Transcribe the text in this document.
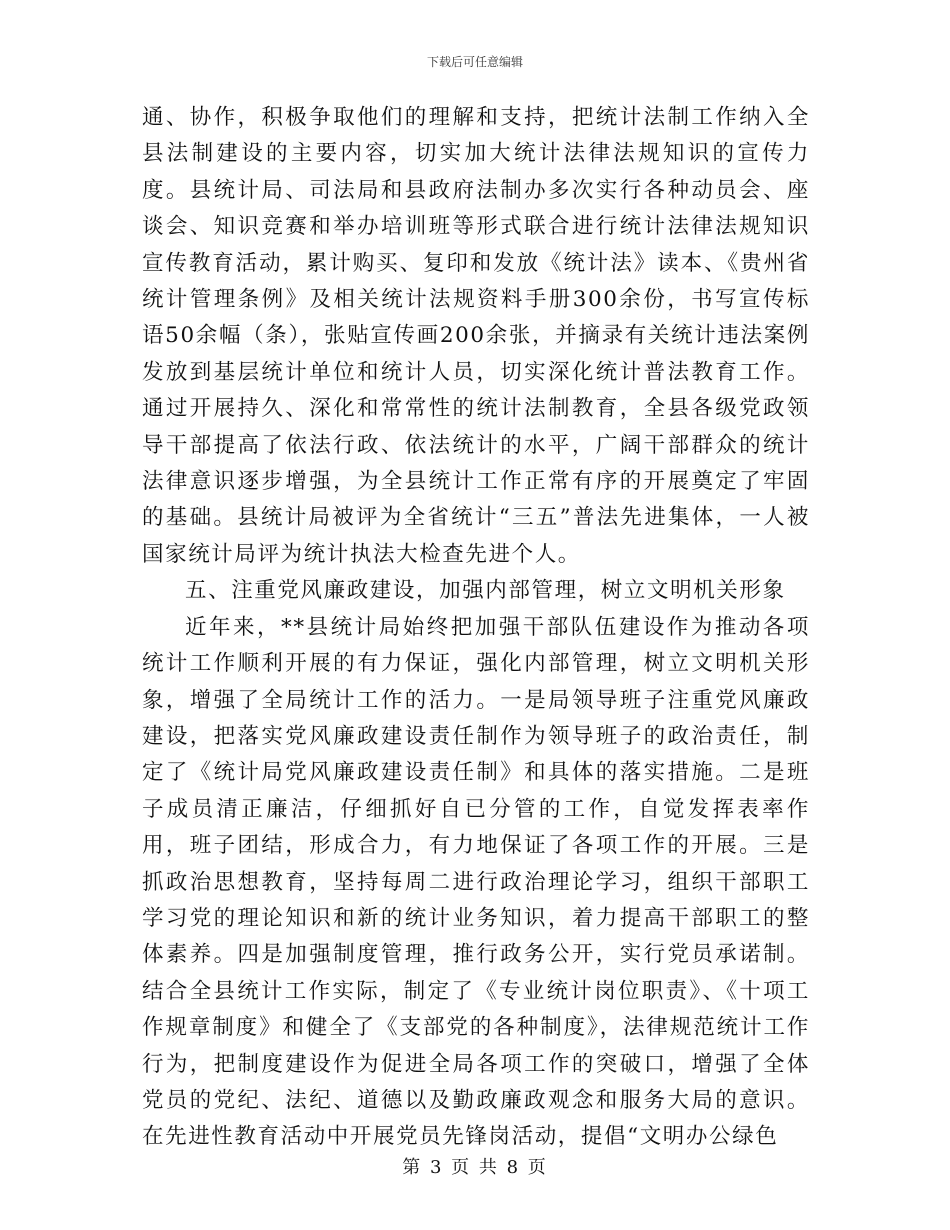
下载后可任意编辑

通、协作，积极争取他们的理解和支持，把统计法制工作纳入全县法制建设的主要内容，切实加大统计法律法规知识的宣传力度。县统计局、司法局和县政府法制办多次实行各种动员会、座谈会、知识竞赛和举办培训班等形式联合进行统计法律法规知识宣传教育活动，累计购买、复印和发放《统计法》读本、《贵州省统计管理条例》及相关统计法规资料手册300余份，书写宣传标语50余幅（条），张贴宣传画200余张，并摘录有关统计违法案例发放到基层统计单位和统计人员，切实深化统计普法教育工作。通过开展持久、深化和常常性的统计法制教育，全县各级党政领导干部提高了依法行政、依法统计的水平，广阔干部群众的统计法律意识逐步增强，为全县统计工作正常有序的开展奠定了牢固的基础。县统计局被评为全省统计“三五”普法先进集体，一人被国家统计局评为统计执法大检查先进个人。

五、注重党风廉政建设，加强内部管理，树立文明机关形象

近年来，**县统计局始终把加强干部队伍建设作为推动各项统计工作顺利开展的有力保证，强化内部管理，树立文明机关形象，增强了全局统计工作的活力。一是局领导班子注重党风廉政建设，把落实党风廉政建设责任制作为领导班子的政治责任，制定了《统计局党风廉政建设责任制》和具体的落实措施。二是班子成员清正廉洁，仔细抓好自已分管的工作，自觉发挥表率作用，班子团结，形成合力，有力地保证了各项工作的开展。三是抓政治思想教育，坚持每周二进行政治理论学习，组织干部职工学习党的理论知识和新的统计业务知识，着力提高干部职工的整体素养。四是加强制度管理，推行政务公开，实行党员承诺制。结合全县统计工作实际，制定了《专业统计岗位职责》、《十项工作规章制度》和健全了《支部党的各种制度》，法律规范统计工作行为，把制度建设作为促进全局各项工作的突破口，增强了全体党员的党纪、法纪、道德以及勤政廉政观念和服务大局的意识。在先进性教育活动中开展党员先锋岗活动，提倡“文明办公绿色

第 3 页 共 8 页
